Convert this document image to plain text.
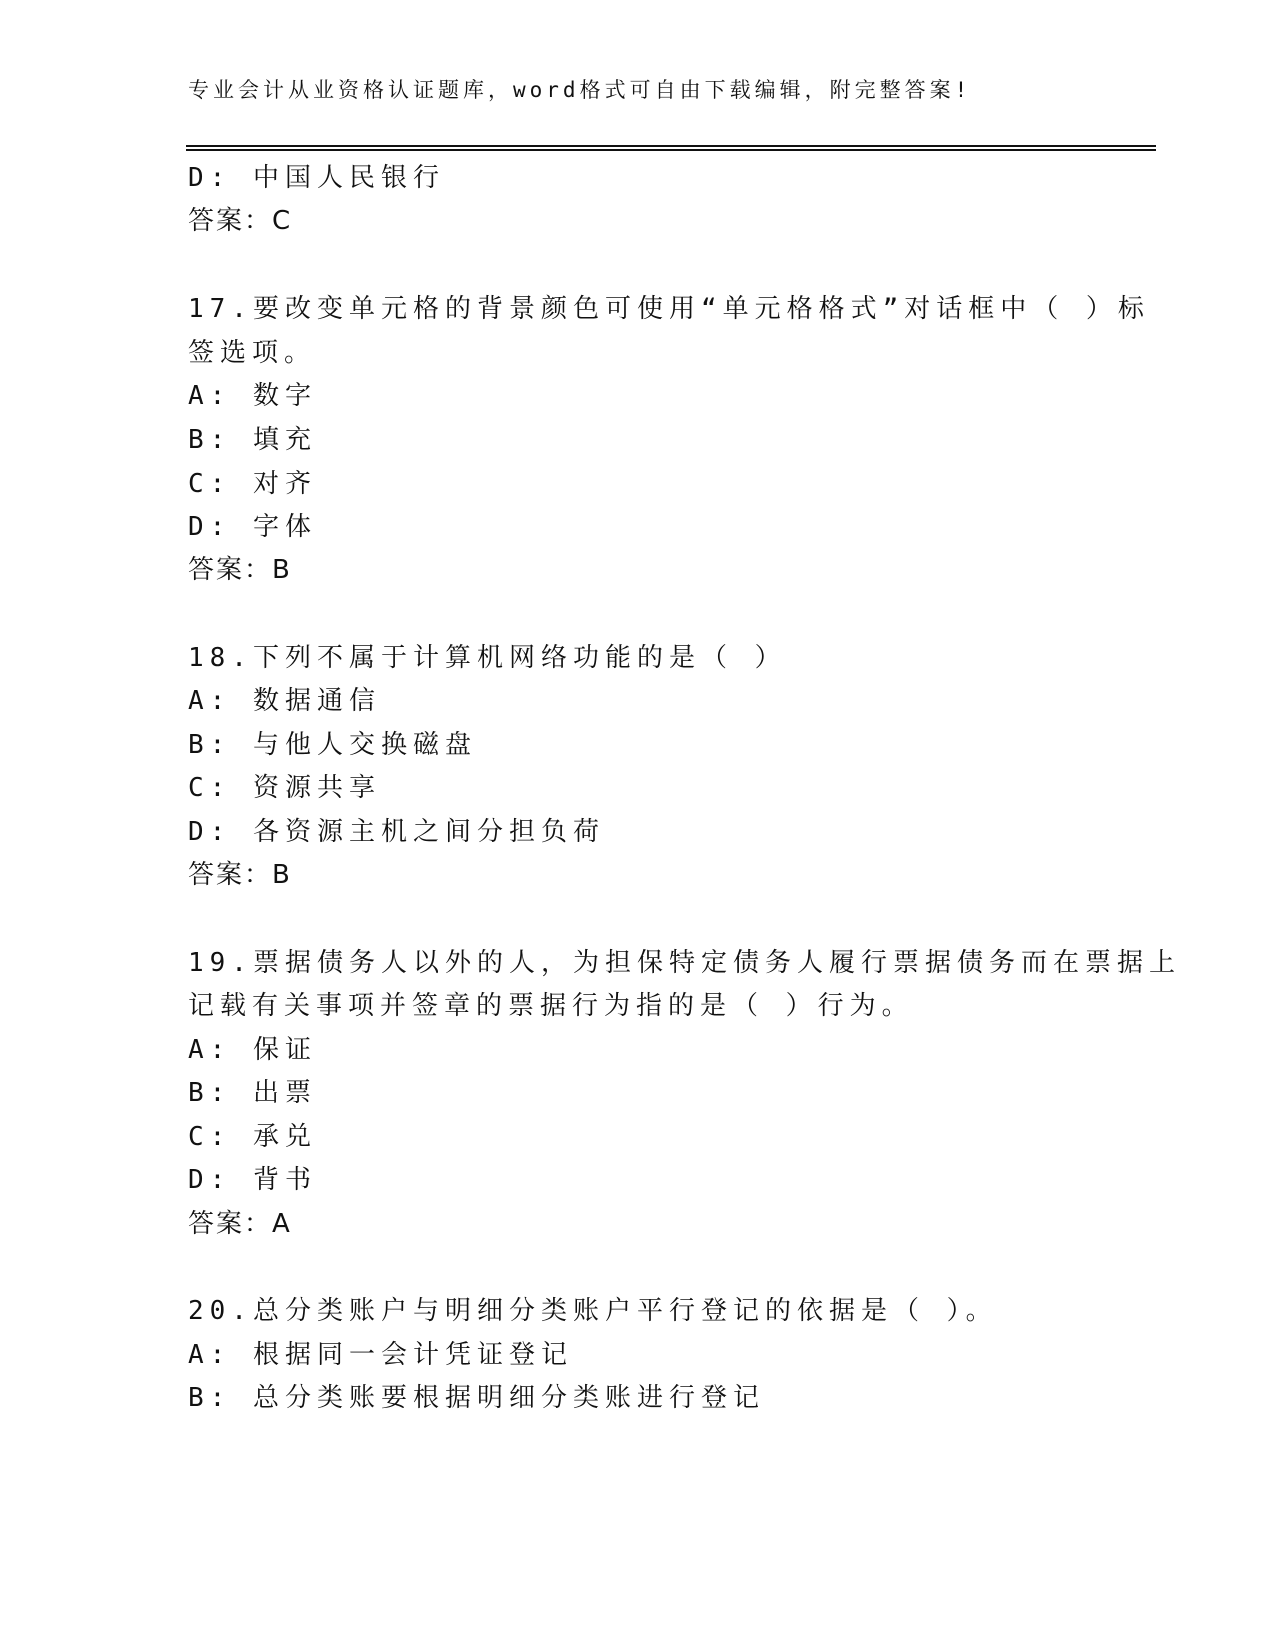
专业会计从业资格认证题库，word格式可自由下载编辑，附完整答案!
D: 中国人民银行
答案：C
17.要改变单元格的背景颜色可使用“单元格格式”对话框中（ ）标
签选项。
A: 数字
B: 填充
C: 对齐
D: 字体
答案：B
18.下列不属于计算机网络功能的是（ ）
A: 数据通信
B: 与他人交换磁盘
C: 资源共享
D: 各资源主机之间分担负荷
答案：B
19.票据债务人以外的人，为担保特定债务人履行票据债务而在票据上
记载有关事项并签章的票据行为指的是（ ）行为。
A: 保证
B: 出票
C: 承兑
D: 背书
答案：A
20.总分类账户与明细分类账户平行登记的依据是（ ）。
A: 根据同一会计凭证登记
B: 总分类账要根据明细分类账进行登记
